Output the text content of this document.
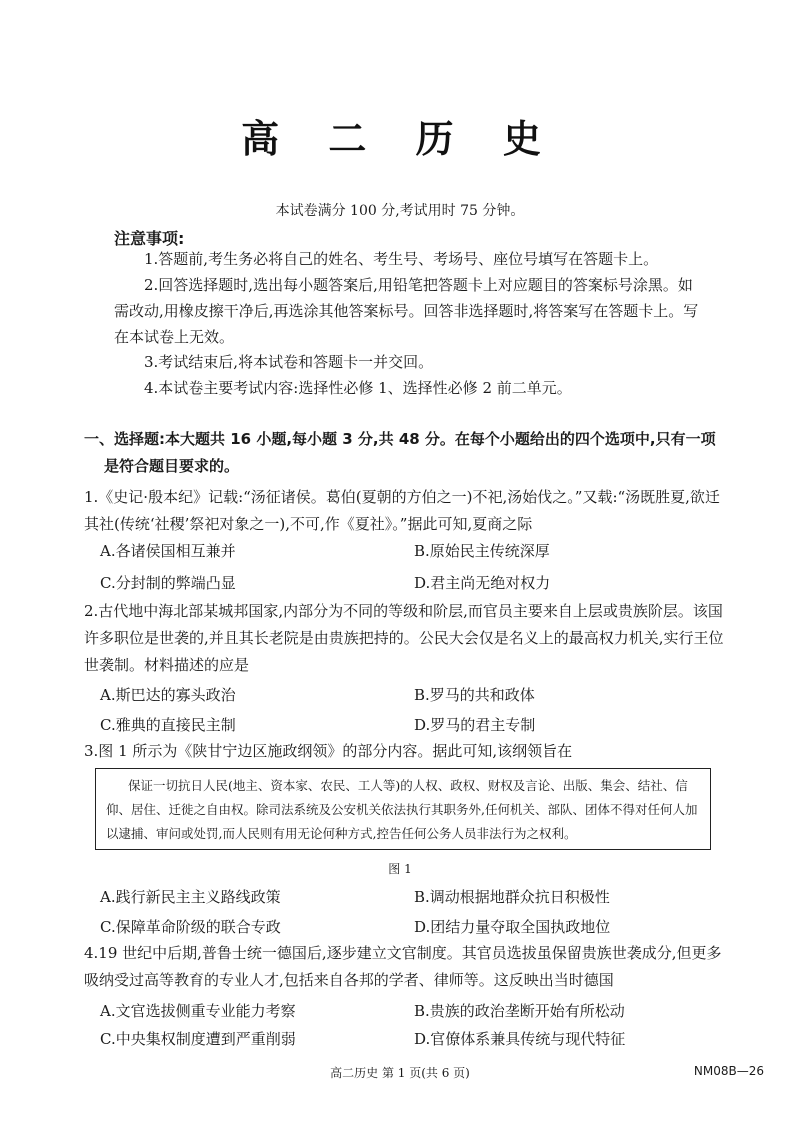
高 二 历 史
本试卷满分 100 分,考试用时 75 分钟。
注意事项:
1.答题前,考生务必将自己的姓名、考生号、考场号、座位号填写在答题卡上。
2.回答选择题时,选出每小题答案后,用铅笔把答题卡上对应题目的答案标号涂黑。如需改动,用橡皮擦干净后,再选涂其他答案标号。回答非选择题时,将答案写在答题卡上。写在本试卷上无效。
3.考试结束后,将本试卷和答题卡一并交回。
4.本试卷主要考试内容:选择性必修 1、选择性必修 2 前二单元。
一、选择题:本大题共 16 小题,每小题 3 分,共 48 分。在每个小题给出的四个选项中,只有一项
是符合题目要求的。
1.《史记·殷本纪》记载:“汤征诸侯。葛伯(夏朝的方伯之一)不祀,汤始伐之。”又载:“汤既胜夏,欲迁其社(传统‘社稷’祭祀对象之一),不可,作《夏社》。”据此可知,夏商之际
A.各诸侯国相互兼并	B.原始民主传统深厚
C.分封制的弊端凸显	D.君主尚无绝对权力
2.古代地中海北部某城邦国家,内部分为不同的等级和阶层,而官员主要来自上层或贵族阶层。该国许多职位是世袭的,并且其长老院是由贵族把持的。公民大会仅是名义上的最高权力机关,实行王位世袭制。材料描述的应是
A.斯巴达的寡头政治	B.罗马的共和政体
C.雅典的直接民主制	D.罗马的君主专制
3.图 1 所示为《陕甘宁边区施政纲领》的部分内容。据此可知,该纲领旨在
保证一切抗日人民(地主、资本家、农民、工人等)的人权、政权、财权及言论、出版、集会、结社、信仰、居住、迁徙之自由权。除司法系统及公安机关依法执行其职务外,任何机关、部队、团体不得对任何人加以逮捕、审问或处罚,而人民则有用无论何种方式,控告任何公务人员非法行为之权利。
图 1
A.践行新民主主义路线政策	B.调动根据地群众抗日积极性
C.保障革命阶级的联合专政	D.团结力量夺取全国执政地位
4.19 世纪中后期,普鲁士统一德国后,逐步建立文官制度。其官员选拔虽保留贵族世袭成分,但更多吸纳受过高等教育的专业人才,包括来自各邦的学者、律师等。这反映出当时德国
A.文官选拔侧重专业能力考察	B.贵族的政治垄断开始有所松动
C.中央集权制度遭到严重削弱	D.官僚体系兼具传统与现代特征
高二历史 第 1 页(共 6 页)	NM08B—26
